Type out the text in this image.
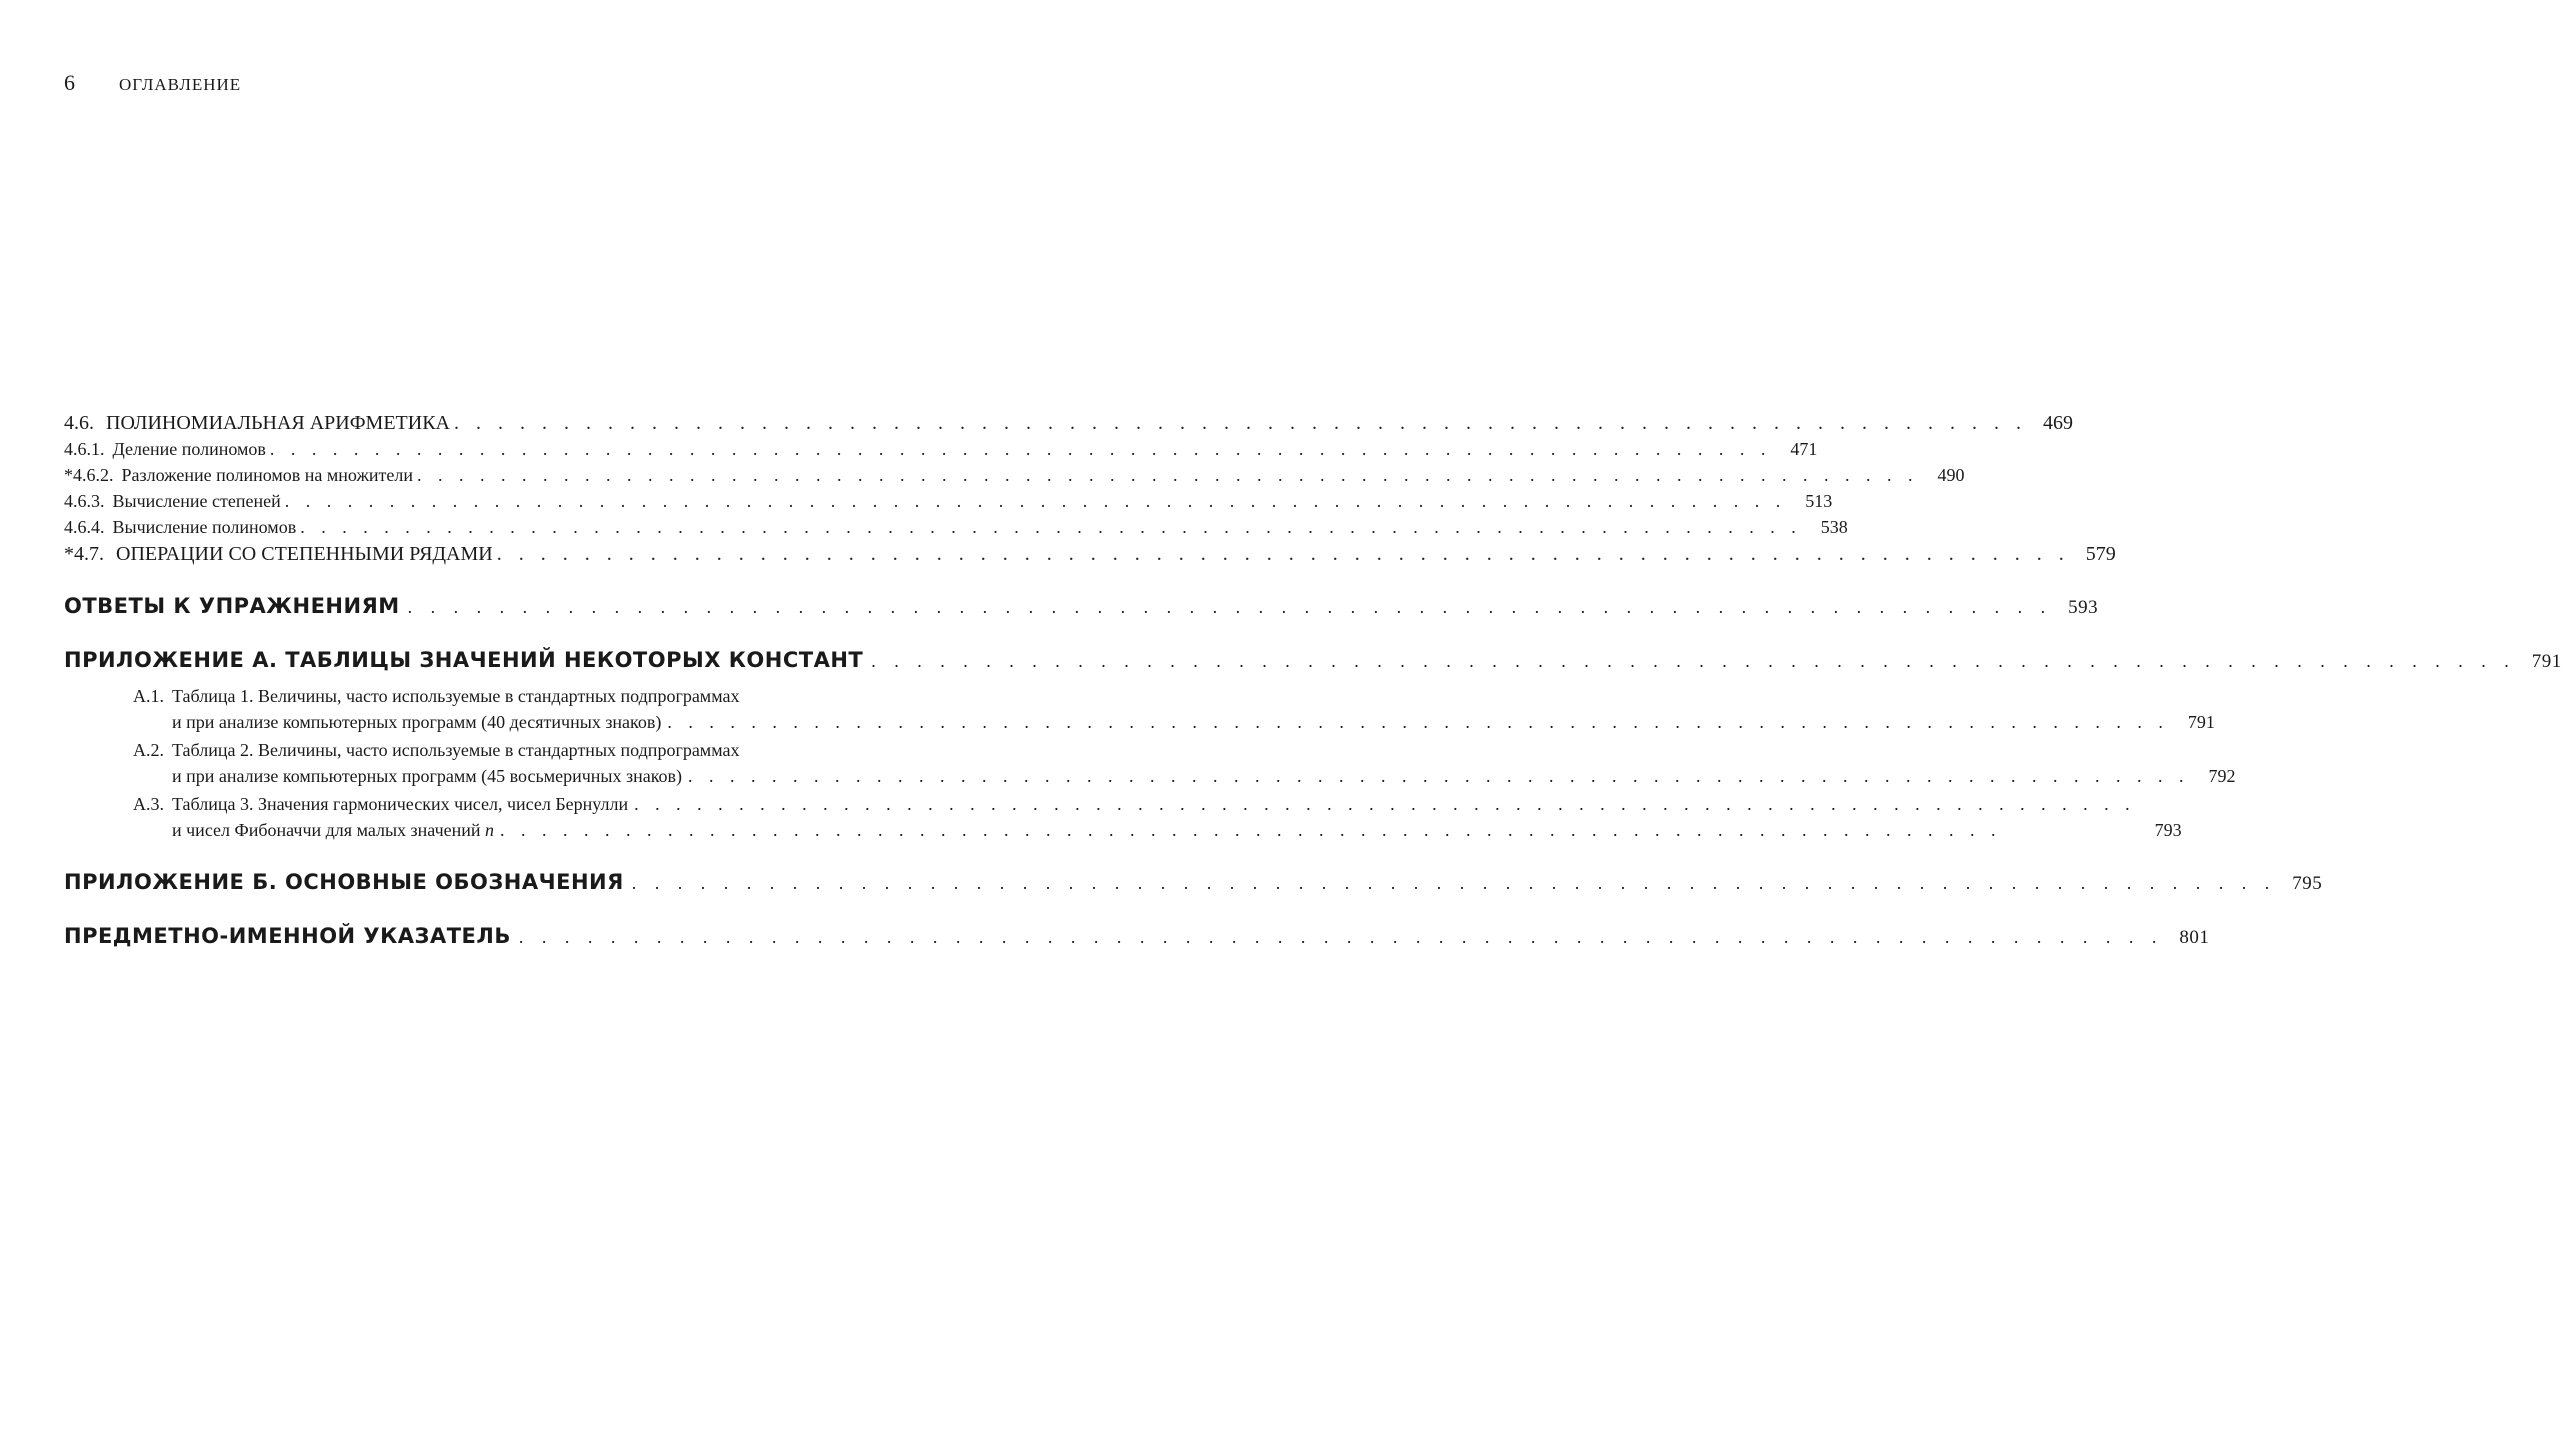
6	ОГЛАВЛЕНИЕ
4.6. ПОЛИНОМИАЛЬНАЯ АРИФМЕТИКА . . . . . . . . . . . . . . . . . . . . . . . . . . . . . . . . . . . . . . . . . . . . . . . . . . . . . . . . . . . . . . . . . . . . . . . . 469
4.6.1. Деление полиномов . . . . . . . . . . . . . . . . . . . . . . . . . . . . . . . . . . . . . . . . . . . . . . . . . . . . . . . . . . . . . . . . . . . . . . . .	471
*4.6.2. Разложение полиномов на множители . . . . . . . . . . . . . . . . . . . . . . . . . . . . . . . . . . . . . . . . . . . . . . . . . . . . . . . . . . . . . . . . . . . . . . . .	490
4.6.3. Вычисление степеней . . . . . . . . . . . . . . . . . . . . . . . . . . . . . . . . . . . . . . . . . . . . . . . . . . . . . . . . . . . . . . . . . . . . . . . .	513
4.6.4. Вычисление полиномов . . . . . . . . . . . . . . . . . . . . . . . . . . . . . . . . . . . . . . . . . . . . . . . . . . . . . . . . . . . . . . . . . . . . . . . .	538
*4.7. ОПЕРАЦИИ СО СТЕПЕННЫМИ РЯДАМИ . . . . . . . . . . . . . . . . . . . . . . . . . . . . . . . . . . . . . . . . . . . . . . . . . . . . . . . . . . . . . . . . . . . . . . . . 579
ОТВЕТЫ К УПРАЖНЕНИЯМ . . . . . . . . . . . . . . . . . . . . . . . . . . . . . . . . . . . . . . . . . . . . . . . . . . . . . . . . . . . . . . . . . . . . . . . . 593
ПРИЛОЖЕНИЕ А. ТАБЛИЦЫ ЗНАЧЕНИЙ НЕКОТОРЫХ КОНСТАНТ . . . . . . . . . . . . . . . . . . . . . . . . . . . . . . . . . . . . . . . . . . . . . . . . . . . . . . . . . . . . . . . . . . . . . . . . 791
А.1. Таблица 1. Величины, часто используемые в стандартных подпрограммах
и при анализе компьютерных программ (40 десятичных знаков) . . . . . . . . . . . . . . . . . . . . . . . . . . . . . . . . . . . . . . . . . . . . . . . . . . . . . . . . . . . . . . . . . . . . . . . .	791
А.2. Таблица 2. Величины, часто используемые в стандартных подпрограммах
и при анализе компьютерных программ (45 восьмеричных знаков) . . . . . . . . . . . . . . . . . . . . . . . . . . . . . . . . . . . . . . . . . . . . . . . . . . . . . . . . . . . . . . . . . . . . . . . .	792
А.3. Таблица 3. Значения гармонических чисел, чисел Бернулли . . . . . . . . . . . . . . . . . . . . . . . . . . . . . . . . . . . . . . . . . . . . . . . . . . . . . . . . . . . . . . . . . . . . . . . .
и чисел Фибоначчи для малых значений n . . . . . . . . . . . . . . . . . . . . . . . . . . . . . . . . . . . . . . . . . . . . . . . . . . . . . . . . . . . . . . . . . . . . . . . .	793
ПРИЛОЖЕНИЕ Б. ОСНОВНЫЕ ОБОЗНАЧЕНИЯ . . . . . . . . . . . . . . . . . . . . . . . . . . . . . . . . . . . . . . . . . . . . . . . . . . . . . . . . . . . . . . . . . . . . . . . . 795
ПРЕДМЕТНО-ИМЕННОЙ УКАЗАТЕЛЬ . . . . . . . . . . . . . . . . . . . . . . . . . . . . . . . . . . . . . . . . . . . . . . . . . . . . . . . . . . . . . . . . . . . . . . . . 801
